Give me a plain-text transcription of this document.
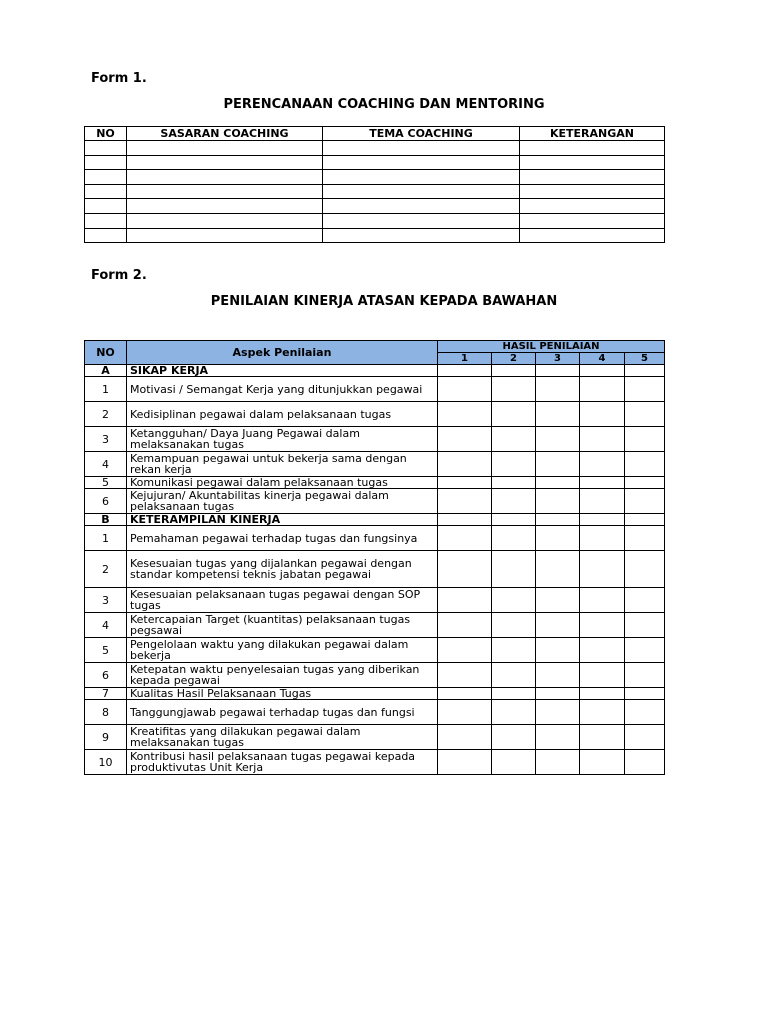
Form 1.
PERENCANAAN COACHING DAN MENTORING
NO	SASARAN COACHING	TEMA COACHING	KETERANGAN

Form 2.
PENILAIAN KINERJA ATASAN KEPADA BAWAHAN
NO	Aspek Penilaian	HASIL PENILAIAN				
		1	2	3	4	5
A	SIKAP KERJA					
1	Motivasi / Semangat Kerja yang ditunjukkan pegawai					
2	Kedisiplinan pegawai dalam pelaksanaan tugas					
3	Ketangguhan/ Daya Juang Pegawai dalam melaksanakan tugas					
4	Kemampuan pegawai untuk bekerja sama dengan rekan kerja					
5	Komunikasi pegawai dalam pelaksanaan tugas					
6	Kejujuran/ Akuntabilitas kinerja pegawai dalam pelaksanaan tugas					
B	KETERAMPILAN KINERJA					
1	Pemahaman pegawai terhadap tugas dan fungsinya					
2	Kesesuaian tugas yang dijalankan pegawai dengan standar kompetensi teknis jabatan pegawai					
3	Kesesuaian pelaksanaan tugas pegawai dengan SOP tugas					
4	Ketercapaian Target (kuantitas) pelaksanaan tugas pegsawai					
5	Pengelolaan waktu yang dilakukan pegawai dalam bekerja					
6	Ketepatan waktu penyelesaian tugas yang diberikan kepada pegawai					
7	Kualitas Hasil Pelaksanaan Tugas					
8	Tanggungjawab pegawai terhadap tugas dan fungsi					
9	Kreatifitas yang dilakukan pegawai dalam melaksanakan tugas					
10	Kontribusi hasil pelaksanaan tugas pegawai kepada produktivutas Unit Kerja					
